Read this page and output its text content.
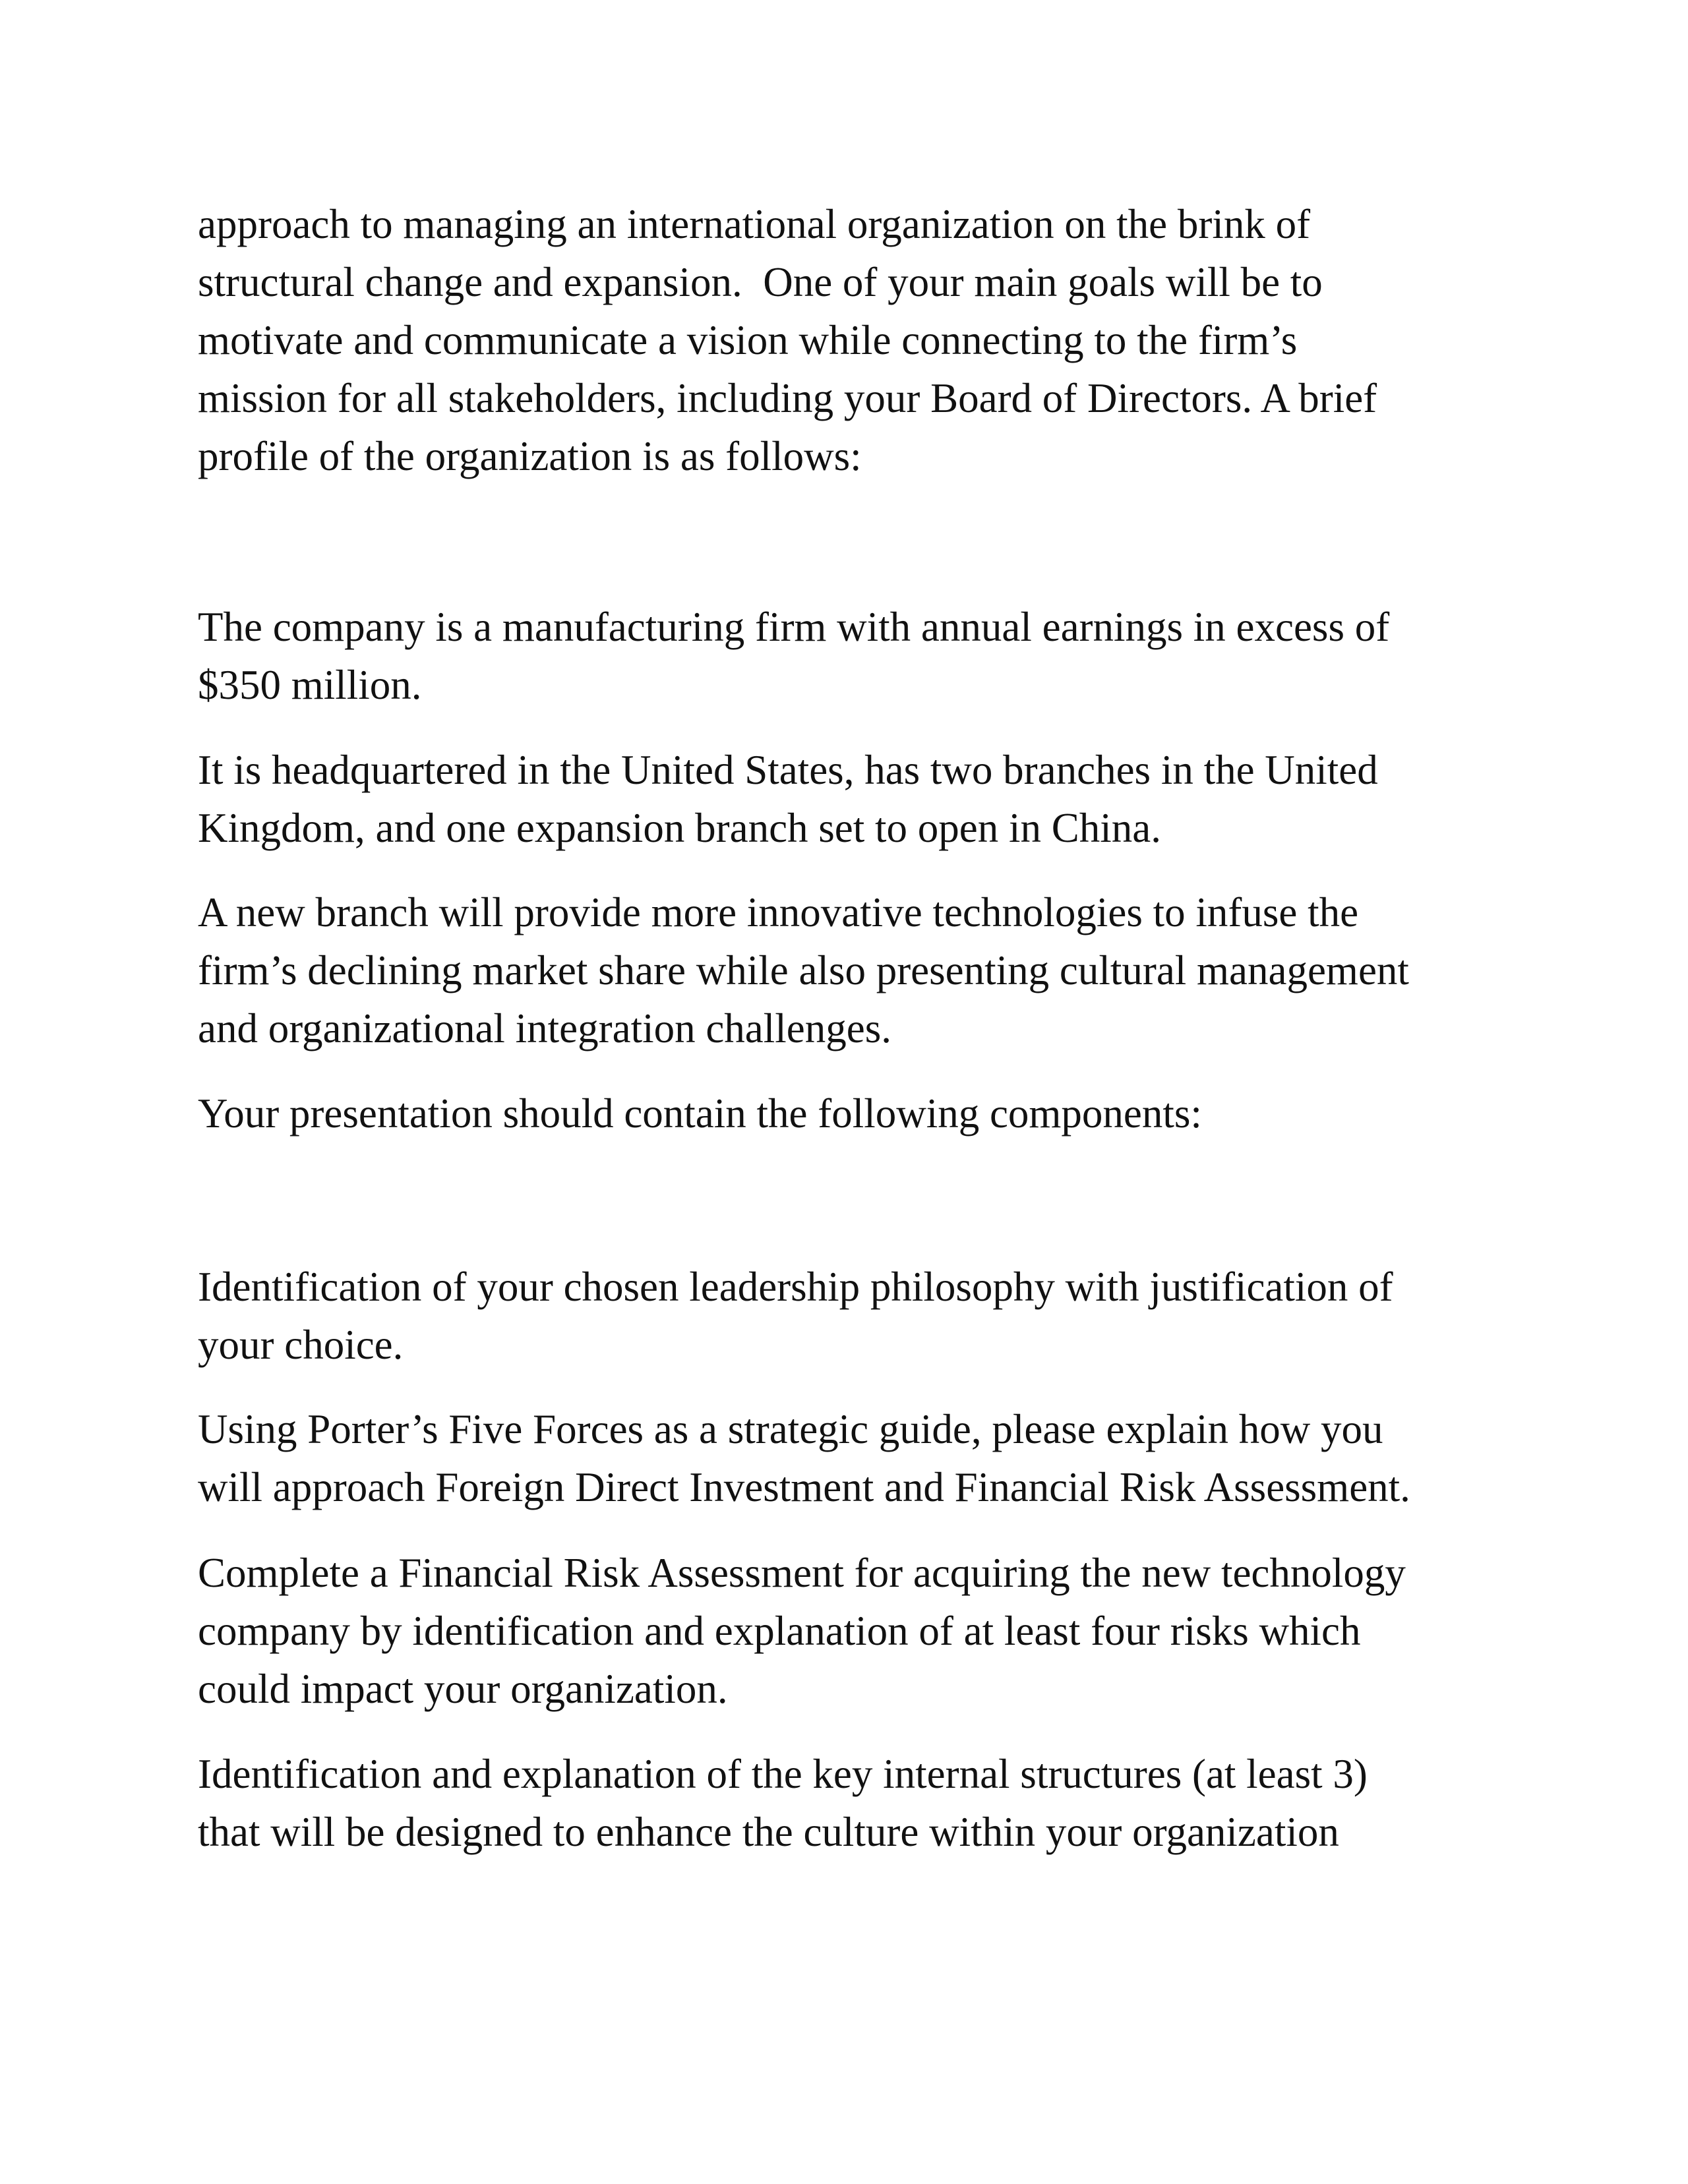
approach to managing an international organization on the brink of
structural change and expansion.  One of your main goals will be to
motivate and communicate a vision while connecting to the firm’s
mission for all stakeholders, including your Board of Directors. A brief
profile of the organization is as follows:
The company is a manufacturing firm with annual earnings in excess of
$350 million.
It is headquartered in the United States, has two branches in the United
Kingdom, and one expansion branch set to open in China.
A new branch will provide more innovative technologies to infuse the
firm’s declining market share while also presenting cultural management
and organizational integration challenges.
Your presentation should contain the following components:
Identification of your chosen leadership philosophy with justification of
your choice.
Using Porter’s Five Forces as a strategic guide, please explain how you
will approach Foreign Direct Investment and Financial Risk Assessment.
Complete a Financial Risk Assessment for acquiring the new technology
company by identification and explanation of at least four risks which
could impact your organization.
Identification and explanation of the key internal structures (at least 3)
that will be designed to enhance the culture within your organization
